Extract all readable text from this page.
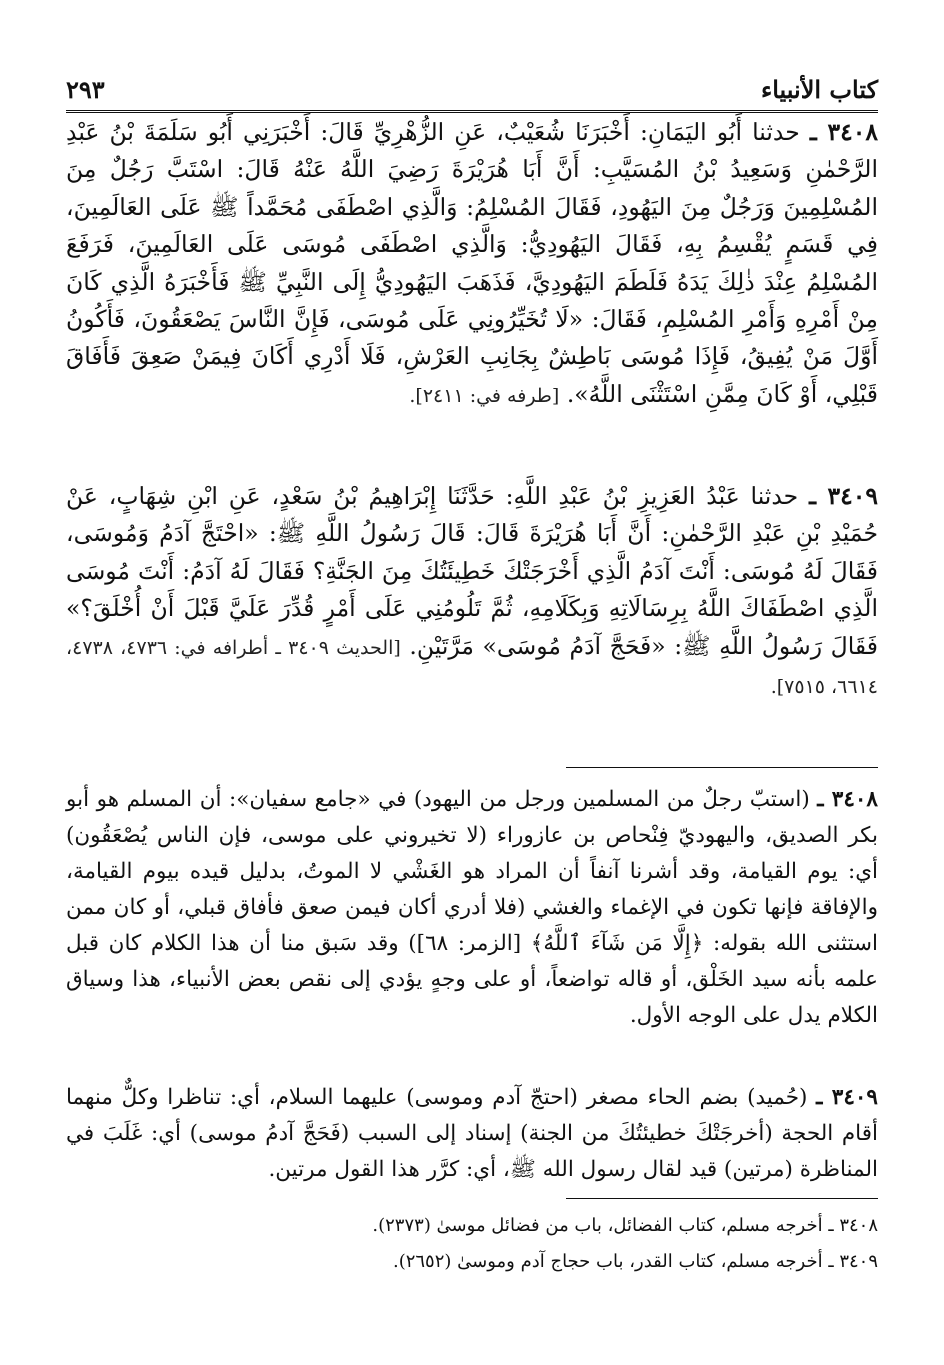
كتاب الأنبياء
٢٩٣

٣٤٠٨ ـ حدثنا أَبُو اليَمَانِ: أَخْبَرَنَا شُعَيْبٌ، عَنِ الزُّهْرِيِّ قَالَ: أَخْبَرَنِي أَبُو سَلَمَةَ بْنُ عَبْدِ الرَّحْمٰنِ وَسَعِيدُ بْنُ المُسَيَّبِ: أَنَّ أَبَا هُرَيْرَةَ رَضِيَ اللَّهُ عَنْهُ قَالَ: اسْتَبَّ رَجُلٌ مِنَ المُسْلِمِينَ وَرَجُلٌ مِنَ اليَهُودِ، فَقَالَ المُسْلِمُ: وَالَّذِي اصْطَفَى مُحَمَّداً ﷺ عَلَى العَالَمِينَ، فِي قَسَمٍ يُقْسِمُ بِهِ، فَقَالَ اليَهُودِيُّ: وَالَّذِي اصْطَفَى مُوسَى عَلَى العَالَمِينَ، فَرَفَعَ المُسْلِمُ عِنْدَ ذٰلِكَ يَدَهُ فَلَطَمَ اليَهُودِيَّ، فَذَهَبَ اليَهُودِيُّ إِلَى النَّبِيِّ ﷺ فَأَخْبَرَهُ الَّذِي كَانَ مِنْ أَمْرِهِ وَأَمْرِ المُسْلِمِ، فَقَالَ: «لَا تُخَيِّرُونِي عَلَى مُوسَى، فَإِنَّ النَّاسَ يَصْعَقُونَ، فَأَكُونُ أَوَّلَ مَنْ يُفِيقُ، فَإِذَا مُوسَى بَاطِشٌ بِجَانِبِ العَرْشِ، فَلَا أَدْرِي أَكَانَ فِيمَنْ صَعِقَ فَأَفَاقَ قَبْلِي، أَوْ كَانَ مِمَّنِ اسْتَثْنَى اللَّهُ». [طرفه في: ٢٤١١].

٣٤٠٩ ـ حدثنا عَبْدُ العَزِيزِ بْنُ عَبْدِ اللَّهِ: حَدَّثَنَا إِبْرَاهِيمُ بْنُ سَعْدٍ، عَنِ ابْنِ شِهَابٍ، عَنْ حُمَيْدِ بْنِ عَبْدِ الرَّحْمٰنِ: أَنَّ أَبَا هُرَيْرَةَ قَالَ: قَالَ رَسُولُ اللَّهِ ﷺ: «احْتَجَّ آدَمُ وَمُوسَى، فَقَالَ لَهُ مُوسَى: أَنْتَ آدَمُ الَّذِي أَخْرَجَتْكَ خَطِيئَتُكَ مِنَ الجَنَّةِ؟ فَقَالَ لَهُ آدَمُ: أَنْتَ مُوسَى الَّذِي اصْطَفَاكَ اللَّهُ بِرِسَالَاتِهِ وَبِكَلَامِهِ، ثُمَّ تَلُومُنِي عَلَى أَمْرٍ قُدِّرَ عَلَيَّ قَبْلَ أَنْ أُخْلَقَ؟» فَقَالَ رَسُولُ اللَّهِ ﷺ: «فَحَجَّ آدَمُ مُوسَى» مَرَّتَيْنِ. [الحديث ٣٤٠٩ ـ أطرافه في: ٤٧٣٦، ٤٧٣٨، ٦٦١٤، ٧٥١٥].

٣٤٠٨ ـ (استبّ رجلٌ من المسلمين ورجل من اليهود) في «جامع سفيان»: أن المسلم هو أبو بكر الصديق، واليهوديّ فِنْحاص بن عازوراء (لا تخيروني على موسى، فإن الناس يُصْعَقُون) أي: يوم القيامة، وقد أشرنا آنفاً أن المراد هو الغَشْي لا الموتُ، بدليل قيده بيوم القيامة، والإفاقة فإنها تكون في الإغماء والغشي (فلا أدري أكان فيمن صعق فأفاق قبلي، أو كان ممن استثنى الله بقوله: ﴿إِلَّا مَن شَآءَ ٱللَّهُ﴾ [الزمر: ٦٨]) وقد سَبق منا أن هذا الكلام كان قبل علمه بأنه سيد الخَلْق، أو قاله تواضعاً، أو على وجهٍ يؤدي إلى نقص بعض الأنبياء، هذا وسياق الكلام يدل على الوجه الأول.

٣٤٠٩ ـ (حُميد) بضم الحاء مصغر (احتجّ آدم وموسى) عليهما السلام، أي: تناظرا وكلٌّ منهما أقام الحجة (أخرجَتْكَ خطيئتُكَ من الجنة) إسناد إلى السبب (فَحَجَّ آدمُ موسى) أي: غَلَبَ في المناظرة (مرتين) قيد لقال رسول الله ﷺ، أي: كرَّر هذا القول مرتين.

٣٤٠٨ ـ أخرجه مسلم، كتاب الفضائل، باب من فضائل موسىٰ (٢٣٧٣).

٣٤٠٩ ـ أخرجه مسلم، كتاب القدر، باب حجاج آدم وموسىٰ (٢٦٥٢).
